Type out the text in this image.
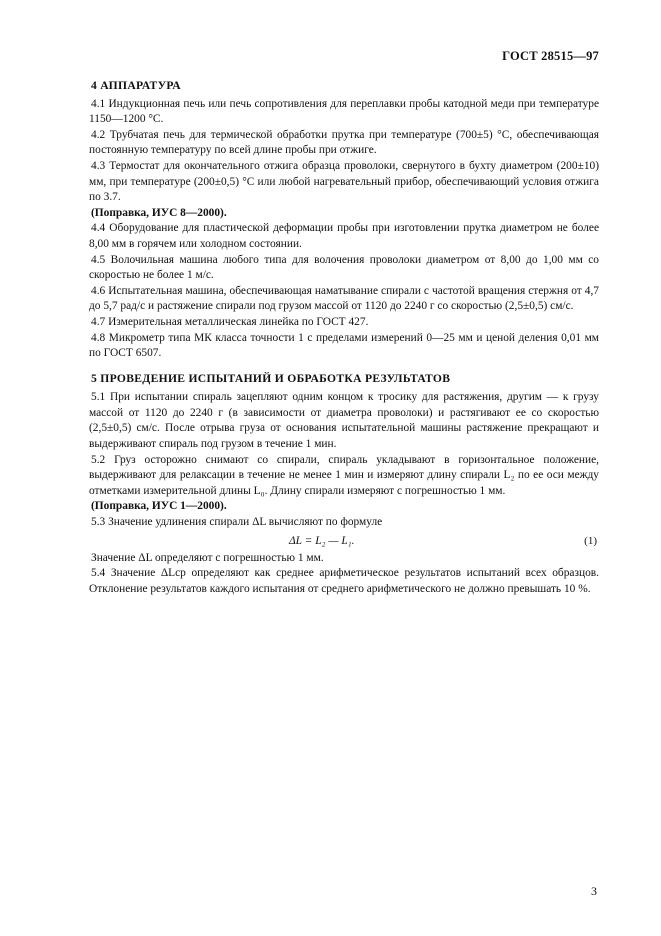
ГОСТ 28515—97
4 АППАРАТУРА

4.1 Индукционная печь или печь сопротивления для переплавки пробы катодной меди при температуре 1150—1200 °С.

4.2 Трубчатая печь для термической обработки прутка при температуре (700±5) °С, обеспечивающая постоянную температуру по всей длине пробы при отжиге.

4.3 Термостат для окончательного отжига образца проволоки, свернутого в бухту диаметром (200±10) мм, при температуре (200±0,5) °С или любой нагревательный прибор, обеспечивающий условия отжига по 3.7.

(Поправка, ИУС 8—2000).

4.4 Оборудование для пластической деформации пробы при изготовлении прутка диаметром не более 8,00 мм в горячем или холодном состоянии.

4.5 Волочильная машина любого типа для волочения проволоки диаметром от 8,00 до 1,00 мм со скоростью не более 1 м/с.

4.6 Испытательная машина, обеспечивающая наматывание спирали с частотой вращения стержня от 4,7 до 5,7 рад/с и растяжение спирали под грузом массой от 1120 до 2240 г со скоростью (2,5±0,5) см/с.

4.7 Измерительная металлическая линейка по ГОСТ 427.

4.8 Микрометр типа МК класса точности 1 с пределами измерений 0—25 мм и ценой деления 0,01 мм по ГОСТ 6507.

5 ПРОВЕДЕНИЕ ИСПЫТАНИЙ И ОБРАБОТКА РЕЗУЛЬТАТОВ

5.1 При испытании спираль зацепляют одним концом к тросику для растяжения, другим — к грузу массой от 1120 до 2240 г (в зависимости от диаметра проволоки) и растягивают ее со скоростью (2,5±0,5) см/с. После отрыва груза от основания испытательной машины растяжение прекращают и выдерживают спираль под грузом в течение 1 мин.

5.2 Груз осторожно снимают со спирали, спираль укладывают в горизонтальное положение, выдерживают для релаксации в течение не менее 1 мин и измеряют длину спирали L₂ по ее оси между отметками измерительной длины L₀. Длину спирали измеряют с погрешностью 1 мм.

(Поправка, ИУС 1—2000).

5.3 Значение удлинения спирали ΔL вычисляют по формуле

ΔL = L₂ — L₁.	(1)

Значение ΔL определяют с погрешностью 1 мм.

5.4 Значение ΔLср определяют как среднее арифметическое результатов испытаний всех образцов. Отклонение результатов каждого испытания от среднего арифметического не должно превышать 10 %.

3
